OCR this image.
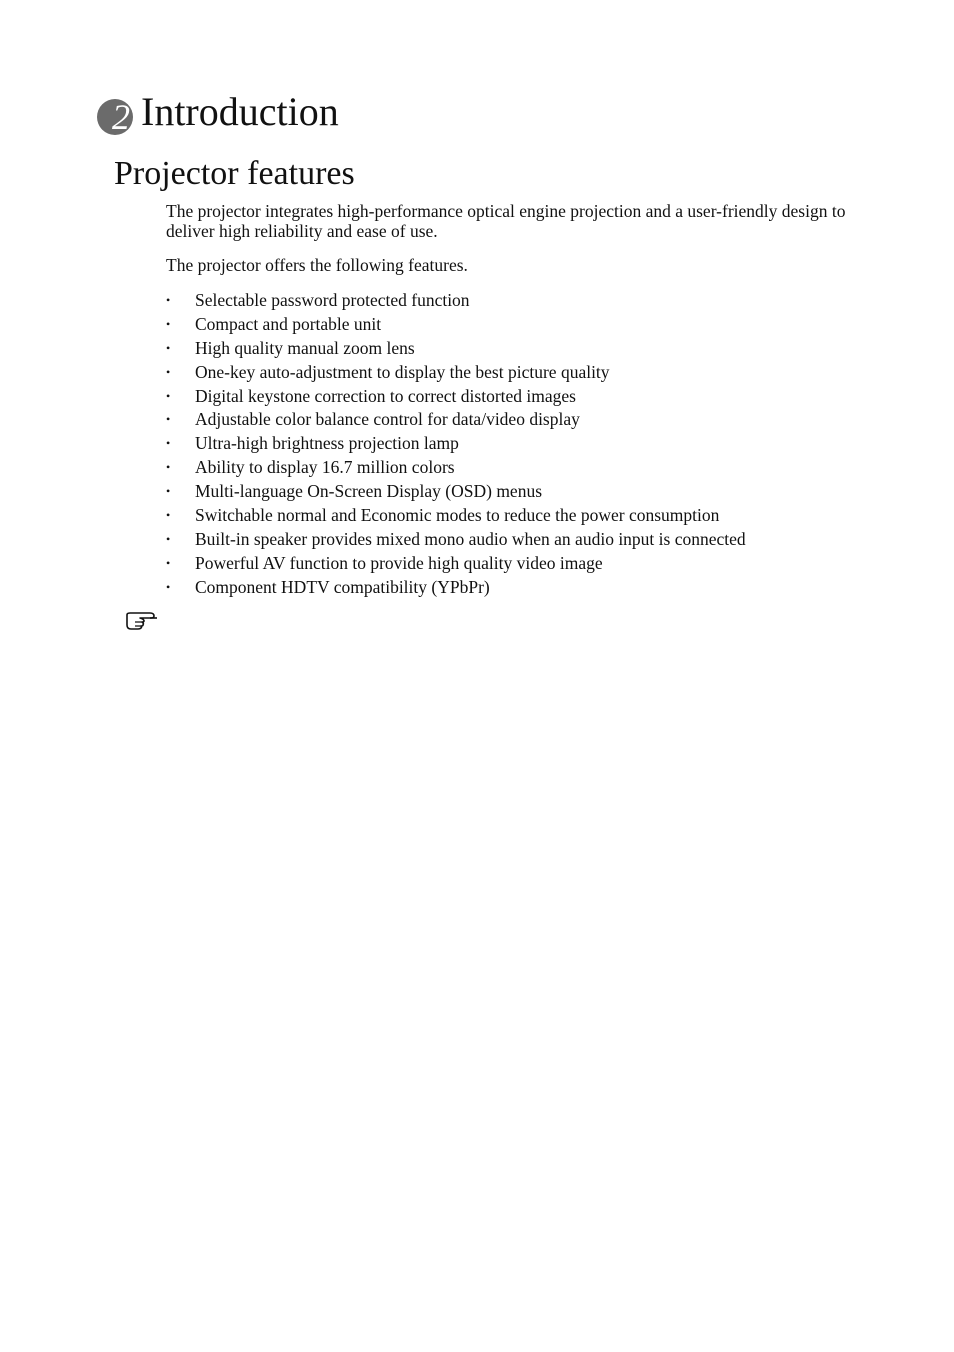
2 Introduction
Projector features

The projector integrates high-performance optical engine projection and a user-friendly design to deliver high reliability and ease of use.

The projector offers the following features.

• Selectable password protected function
• Compact and portable unit
• High quality manual zoom lens
• One-key auto-adjustment to display the best picture quality
• Digital keystone correction to correct distorted images
• Adjustable color balance control for data/video display
• Ultra-high brightness projection lamp
• Ability to display 16.7 million colors
• Multi-language On-Screen Display (OSD) menus
• Switchable normal and Economic modes to reduce the power consumption
• Built-in speaker provides mixed mono audio when an audio input is connected
• Powerful AV function to provide high quality video image
• Component HDTV compatibility (YPbPr)
